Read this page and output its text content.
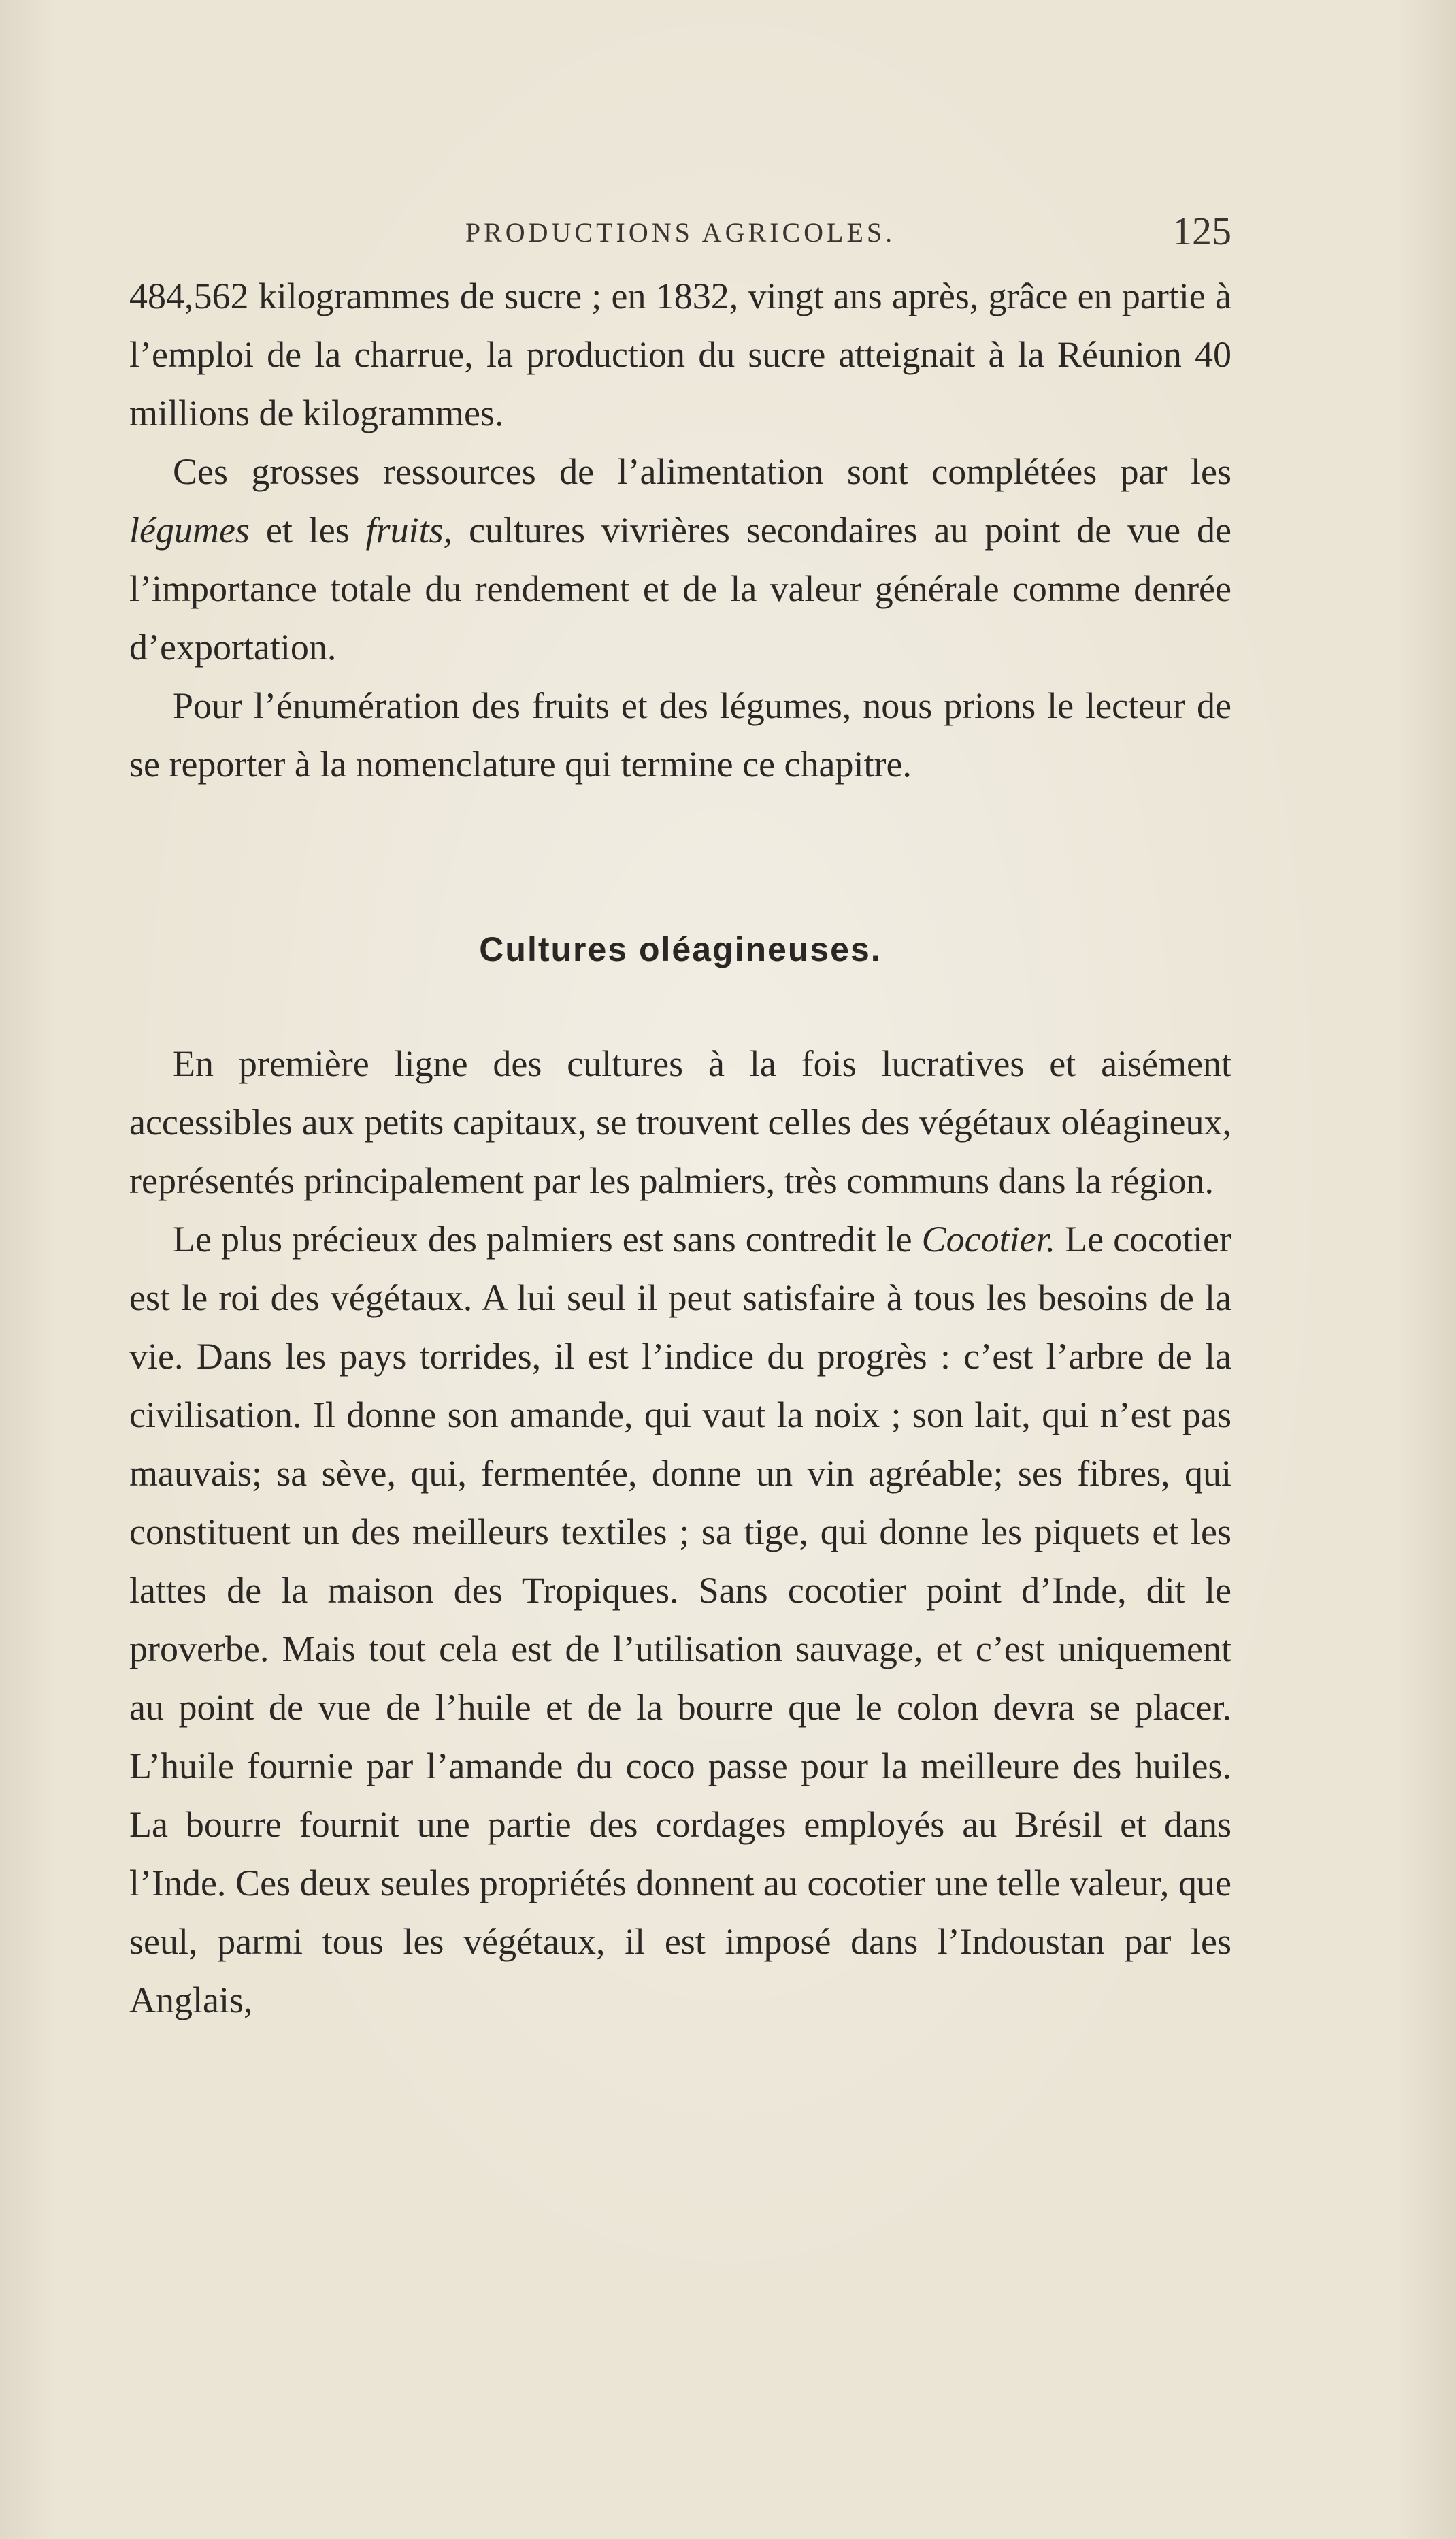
PRODUCTIONS AGRICOLES.	125

484,562 kilogrammes de sucre ; en 1832, vingt ans après, grâce en partie à l’emploi de la charrue, la production du sucre atteignait à la Réunion 40 millions de kilogrammes.

Ces grosses ressources de l’alimentation sont complétées par les légumes et les fruits, cultures vivrières secondaires au point de vue de l’importance totale du rendement et de la valeur générale comme denrée d’exportation.

Pour l’énumération des fruits et des légumes, nous prions le lecteur de se reporter à la nomenclature qui termine ce chapitre.

Cultures oléagineuses.

En première ligne des cultures à la fois lucratives et aisément accessibles aux petits capitaux, se trouvent celles des végétaux oléagineux, représentés principalement par les palmiers, très communs dans la région.

Le plus précieux des palmiers est sans contredit le Cocotier. Le cocotier est le roi des végétaux. A lui seul il peut satisfaire à tous les besoins de la vie. Dans les pays torrides, il est l’indice du progrès : c’est l’arbre de la civilisation. Il donne son amande, qui vaut la noix ; son lait, qui n’est pas mauvais; sa sève, qui, fermentée, donne un vin agréable; ses fibres, qui constituent un des meilleurs textiles ; sa tige, qui donne les piquets et les lattes de la maison des Tropiques. Sans cocotier point d’Inde, dit le proverbe. Mais tout cela est de l’utilisation sauvage, et c’est uniquement au point de vue de l’huile et de la bourre que le colon devra se placer. L’huile fournie par l’amande du coco passe pour la meilleure des huiles. La bourre fournit une partie des cordages employés au Brésil et dans l’Inde. Ces deux seules propriétés donnent au cocotier une telle valeur, que seul, parmi tous les végétaux, il est imposé dans l’Indoustan par les Anglais,
